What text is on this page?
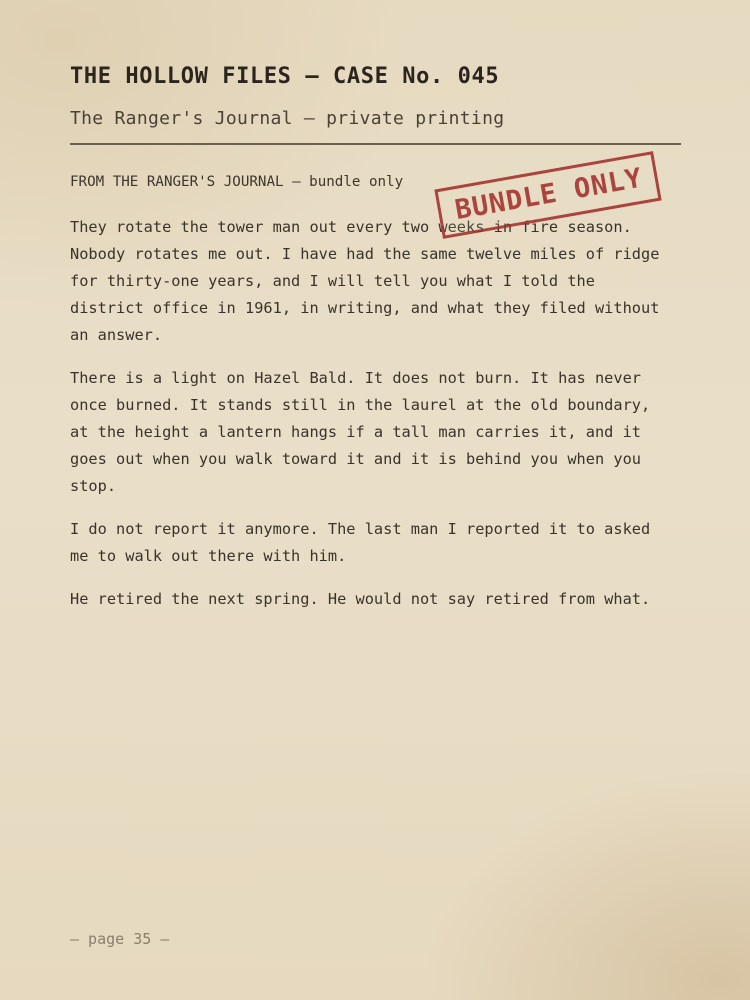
THE HOLLOW FILES — CASE No. 045
The Ranger's Journal — private printing
FROM THE RANGER'S JOURNAL — bundle only

They rotate the tower man out every two weeks in fire season. Nobody rotates me out. I have had the same twelve miles of ridge for thirty-one years, and I will tell you what I told the district office in 1961, in writing, and what they filed without an answer.

There is a light on Hazel Bald. It does not burn. It has never once burned. It stands still in the laurel at the old boundary, at the height a lantern hangs if a tall man carries it, and it goes out when you walk toward it and it is behind you when you stop.

I do not report it anymore. The last man I reported it to asked me to walk out there with him.

He retired the next spring. He would not say retired from what.

— page 35 —
BUNDLE ONLY
